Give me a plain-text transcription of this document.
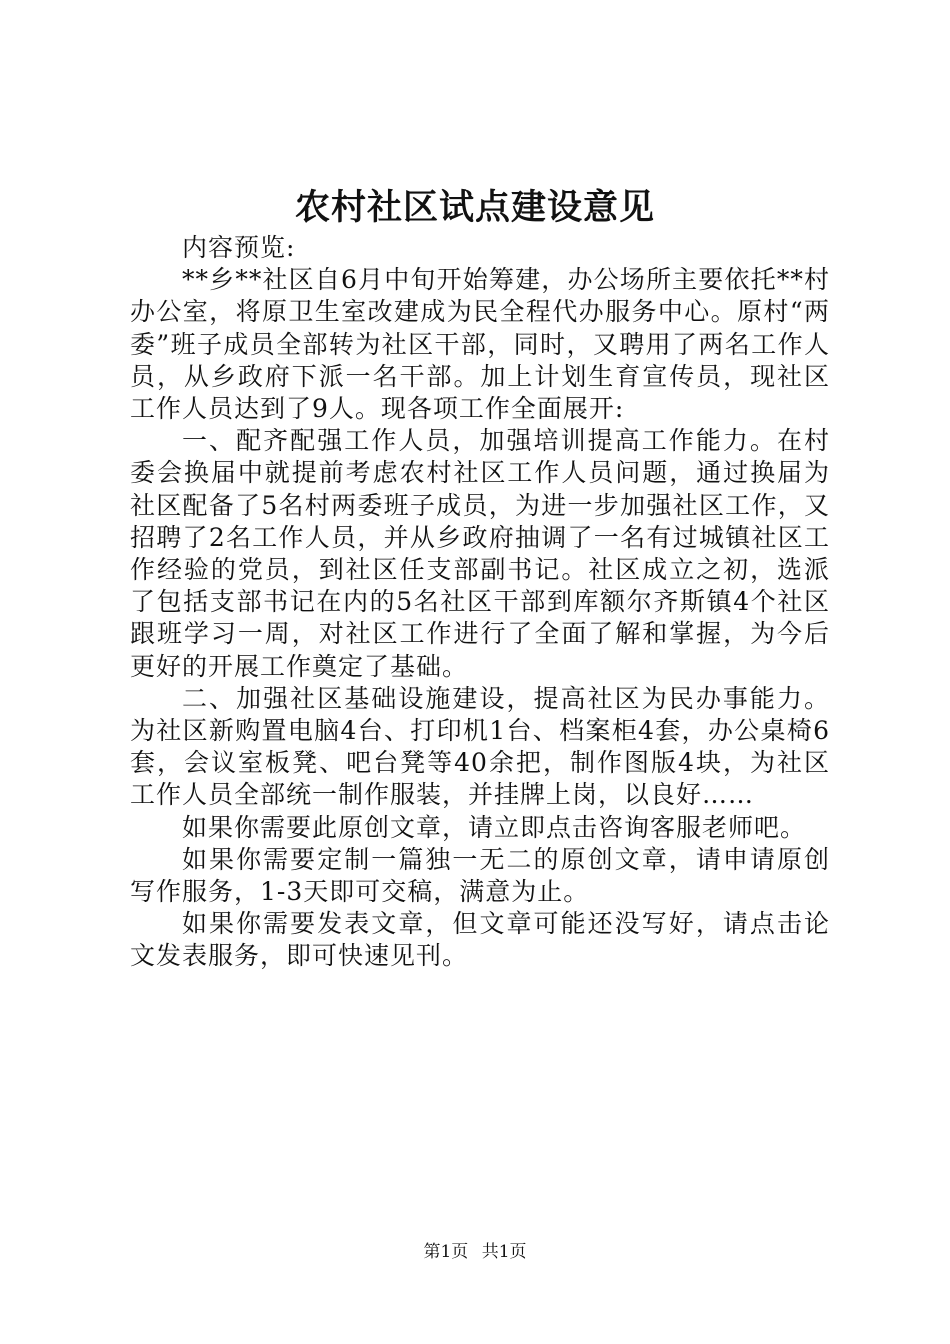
农村社区试点建设意见

内容预览:

**乡**社区自6月中旬开始筹建，办公场所主要依托**村办公室，将原卫生室改建成为民全程代办服务中心。原村“两委”班子成员全部转为社区干部，同时，又聘用了两名工作人员，从乡政府下派一名干部。加上计划生育宣传员，现社区工作人员达到了9人。现各项工作全面展开:

一、配齐配强工作人员，加强培训提高工作能力。在村委会换届中就提前考虑农村社区工作人员问题，通过换届为社区配备了5名村两委班子成员，为进一步加强社区工作，又招聘了2名工作人员，并从乡政府抽调了一名有过城镇社区工作经验的党员，到社区任支部副书记。社区成立之初，选派了包括支部书记在内的5名社区干部到库额尔齐斯镇4个社区跟班学习一周，对社区工作进行了全面了解和掌握，为今后更好的开展工作奠定了基础。

二、加强社区基础设施建设，提高社区为民办事能力。为社区新购置电脑4台、打印机1台、档案柜4套，办公桌椅6套，会议室板凳、吧台凳等40余把，制作图版4块，为社区工作人员全部统一制作服装，并挂牌上岗，以良好……

如果你需要此原创文章，请立即点击咨询客服老师吧。

如果你需要定制一篇独一无二的原创文章，请申请原创写作服务，1-3天即可交稿，满意为止。

如果你需要发表文章，但文章可能还没写好，请点击论文发表服务，即可快速见刊。

第1页 共1页
